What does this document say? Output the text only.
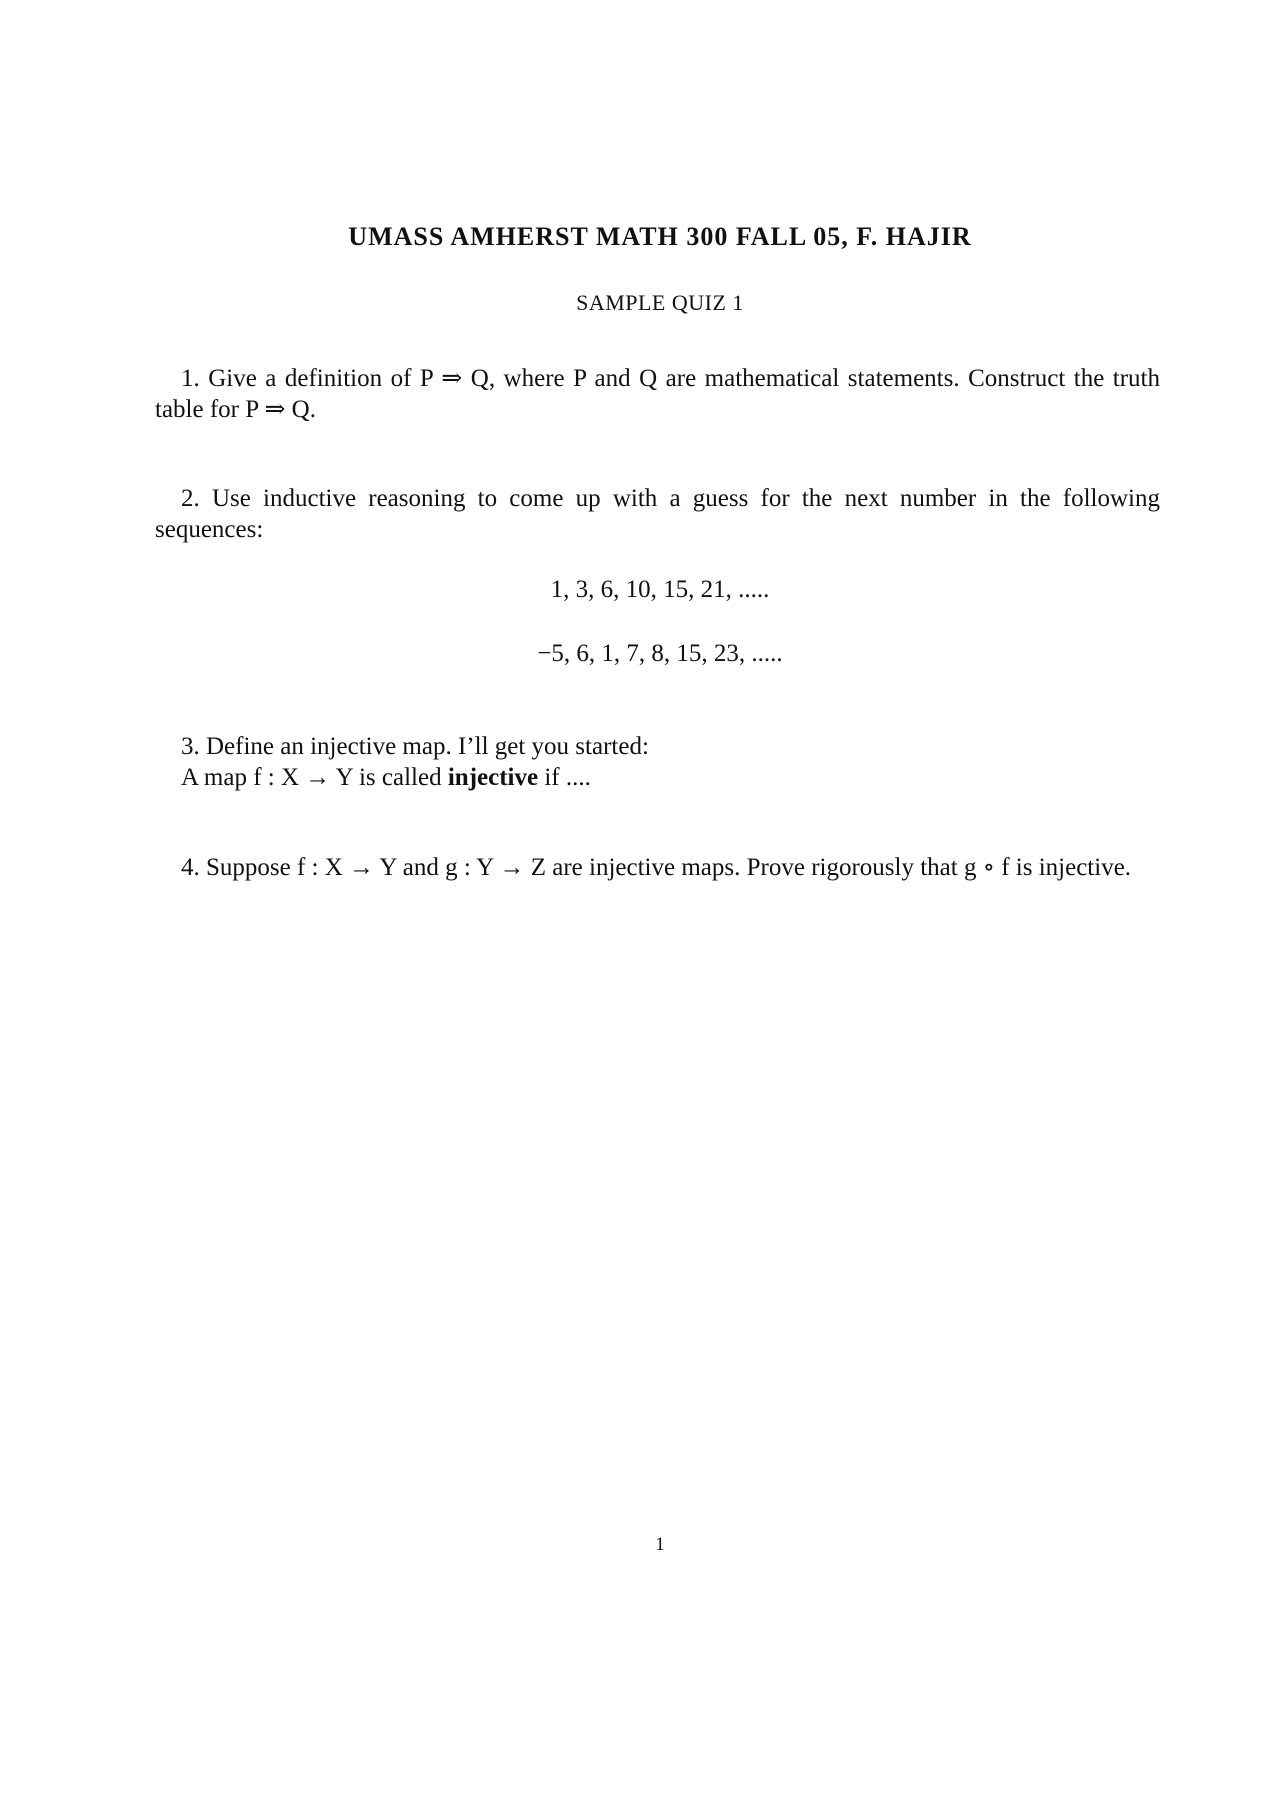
UMASS AMHERST MATH 300 FALL 05, F. HAJIR
SAMPLE QUIZ 1
1. Give a definition of P ⇒ Q, where P and Q are mathematical statements. Construct the truth table for P ⇒ Q.
2. Use inductive reasoning to come up with a guess for the next number in the following sequences:
1, 3, 6, 10, 15, 21, .....
−5, 6, 1, 7, 8, 15, 23, .....
3. Define an injective map. I’ll get you started:
A map f : X → Y is called injective if ....
4. Suppose f : X → Y and g : Y → Z are injective maps. Prove rigorously that g ∘ f is injective.
1
